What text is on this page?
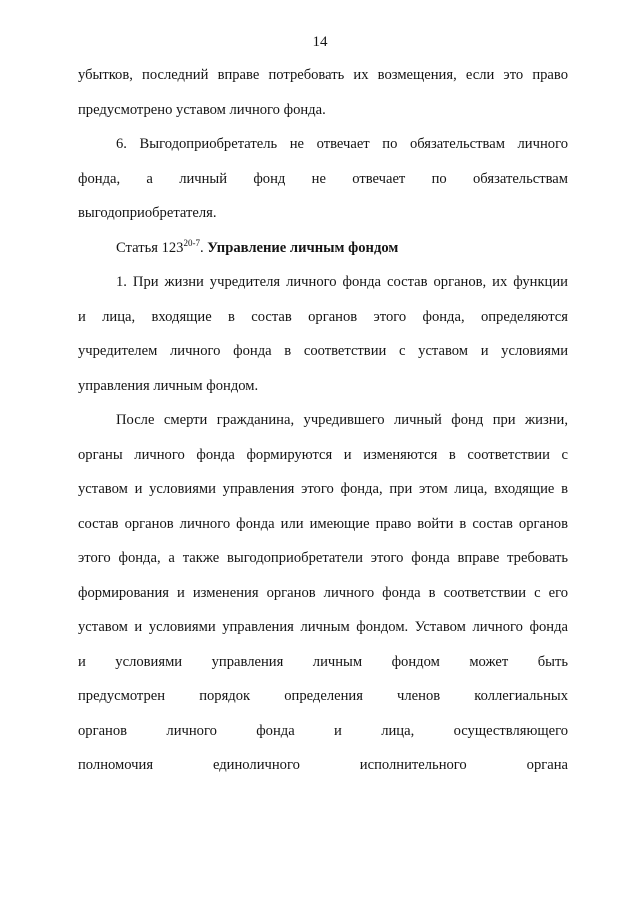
14
убытков, последний вправе потребовать их возмещения, если это право
предусмотрено уставом личного фонда.
6. Выгодоприобретатель не отвечает по обязательствам личного
фонда, а личный фонд не отвечает по обязательствам
выгодоприобретателя.
Статья 123$^{20-7}$. Управление личным фондом
1. При жизни учредителя личного фонда состав органов, их функции
и лица, входящие в состав органов этого фонда, определяются
учредителем личного фонда в соответствии с уставом и условиями
управления личным фондом.
После смерти гражданина, учредившего личный фонд при жизни,
органы личного фонда формируются и изменяются в соответствии с
уставом и условиями управления этого фонда, при этом лица, входящие в
состав органов личного фонда или имеющие право войти в состав органов
этого фонда, а также выгодоприобретатели этого фонда вправе требовать
формирования и изменения органов личного фонда в соответствии с его
уставом и условиями управления личным фондом. Уставом личного фонда
и условиями управления личным фондом может быть
предусмотрен порядок определения членов коллегиальных
органов личного фонда и лица, осуществляющего
полномочия единоличного исполнительного органа
